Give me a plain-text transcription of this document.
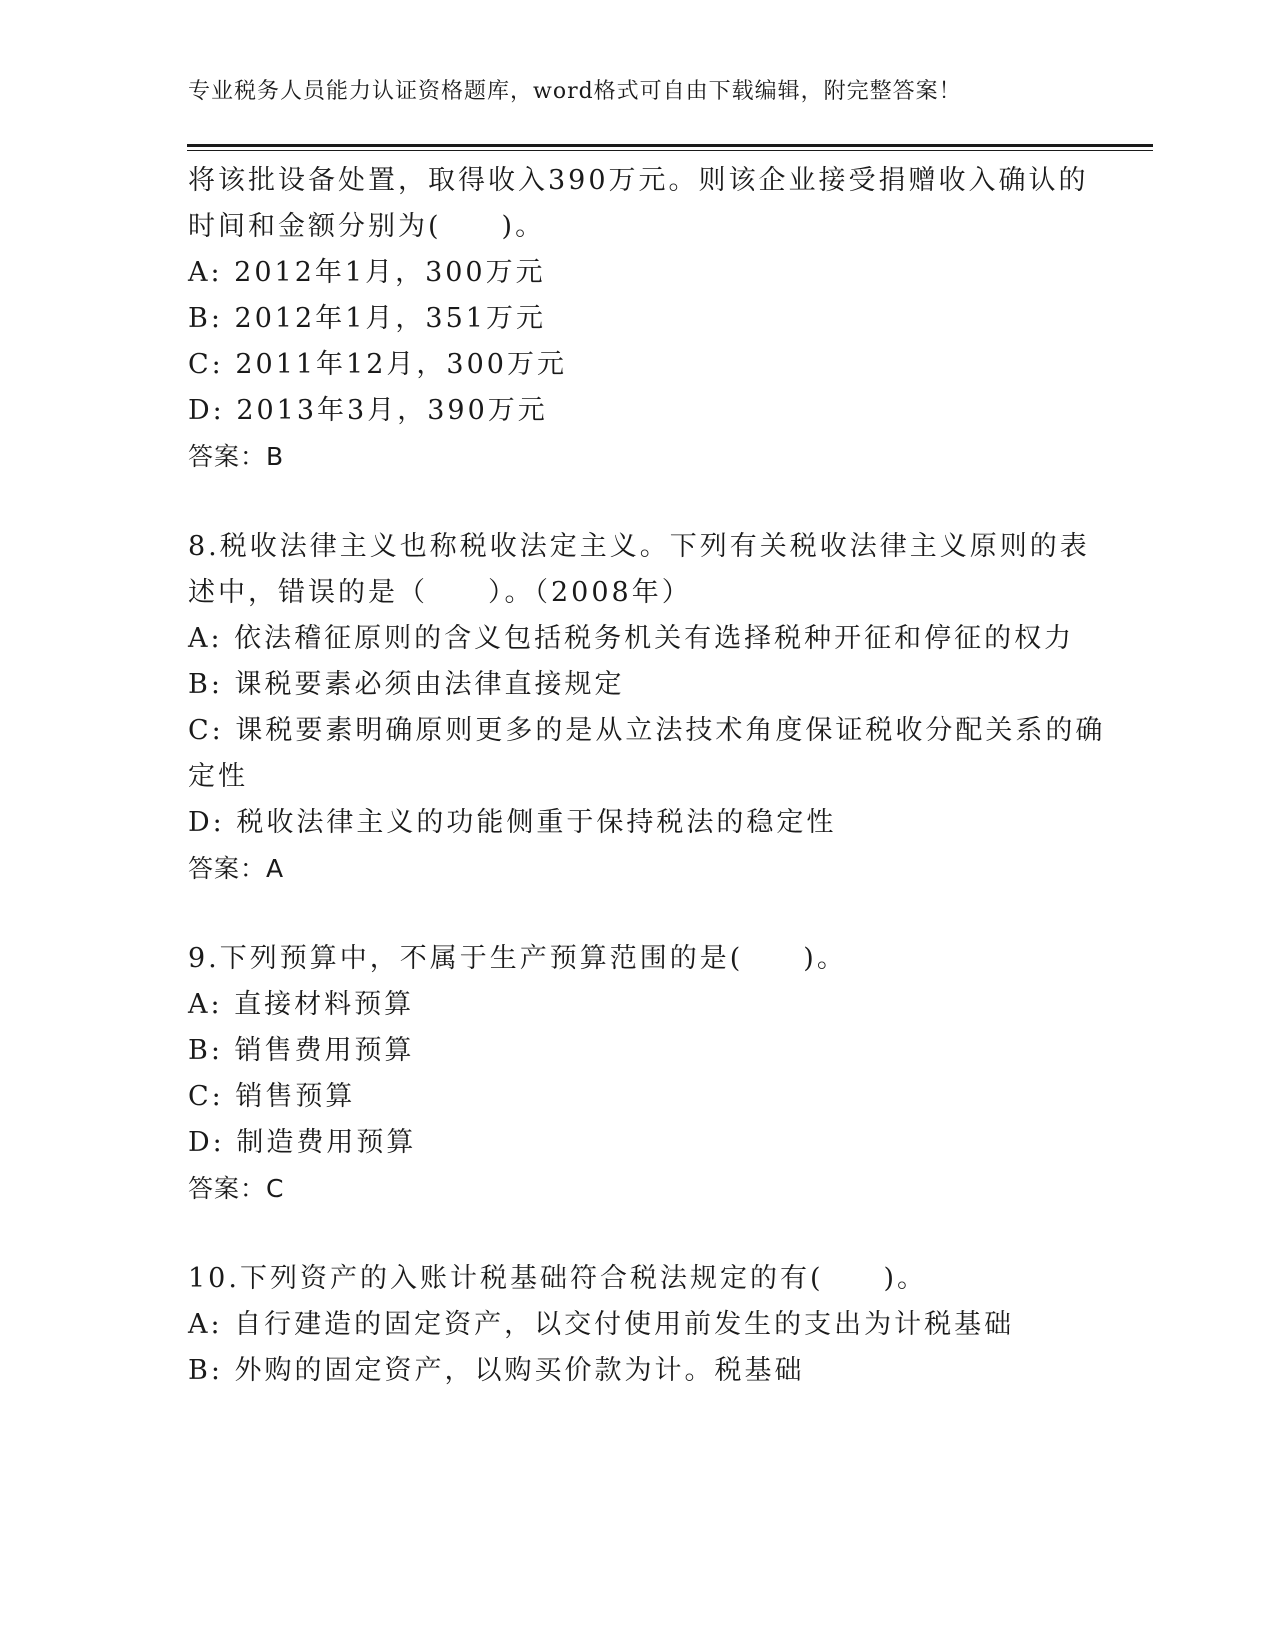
专业税务人员能力认证资格题库，word格式可自由下载编辑，附完整答案！
将该批设备处置，取得收入390万元。则该企业接受捐赠收入确认的
时间和金额分别为(　　)。
A: 2012年1月，300万元
B: 2012年1月，351万元
C: 2011年12月，300万元
D: 2013年3月，390万元
答案：B
8.税收法律主义也称税收法定主义。下列有关税收法律主义原则的表
述中，错误的是（　　）。（2008年）
A: 依法稽征原则的含义包括税务机关有选择税种开征和停征的权力
B: 课税要素必须由法律直接规定
C: 课税要素明确原则更多的是从立法技术角度保证税收分配关系的确
定性
D: 税收法律主义的功能侧重于保持税法的稳定性
答案：A
9.下列预算中，不属于生产预算范围的是(　　)。
A: 直接材料预算
B: 销售费用预算
C: 销售预算
D: 制造费用预算
答案：C
10.下列资产的入账计税基础符合税法规定的有(　　)。
A: 自行建造的固定资产，以交付使用前发生的支出为计税基础
B: 外购的固定资产，以购买价款为计。税基础
